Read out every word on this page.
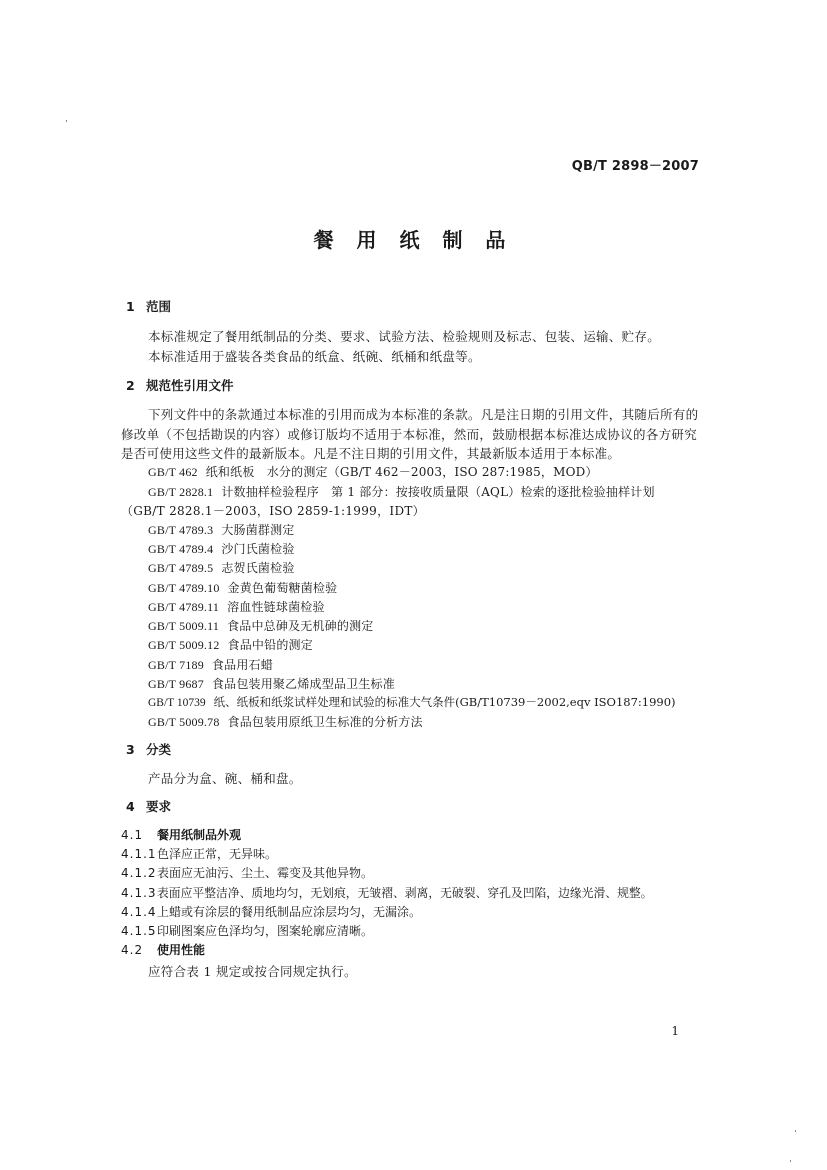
QB/T 2898－2007
餐 用 纸 制 品
1 范围
本标准规定了餐用纸制品的分类、要求、试验方法、检验规则及标志、包装、运输、贮存。
本标准适用于盛装各类食品的纸盒、纸碗、纸桶和纸盘等。
2 规范性引用文件
下列文件中的条款通过本标准的引用而成为本标准的条款。凡是注日期的引用文件，其随后所有的
修改单（不包括勘误的内容）或修订版均不适用于本标准，然而，鼓励根据本标准达成协议的各方研究
是否可使用这些文件的最新版本。凡是不注日期的引用文件，其最新版本适用于本标准。
GB/T 462 纸和纸板　水分的测定（GB/T 462－2003，ISO 287:1985，MOD）
GB/T 2828.1 计数抽样检验程序　第 1 部分：按接收质量限（AQL）检索的逐批检验抽样计划
（GB/T 2828.1－2003，ISO 2859-1:1999，IDT）
GB/T 4789.3 大肠菌群测定
GB/T 4789.4 沙门氏菌检验
GB/T 4789.5 志贺氏菌检验
GB/T 4789.10 金黄色葡萄糖菌检验
GB/T 4789.11 溶血性链球菌检验
GB/T 5009.11 食品中总砷及无机砷的测定
GB/T 5009.12 食品中铅的测定
GB/T 7189 食品用石蜡
GB/T 9687 食品包装用聚乙烯成型品卫生标准
GB/T 10739 纸、纸板和纸浆试样处理和试验的标准大气条件(GB/T10739－2002,eqv ISO187:1990)
GB/T 5009.78 食品包装用原纸卫生标准的分析方法
3 分类
产品分为盒、碗、桶和盘。
4 要求
4.1 餐用纸制品外观
4.1.1色泽应正常，无异味。
4.1.2表面应无油污、尘土、霉变及其他异物。
4.1.3表面应平整洁净、质地均匀，无划痕，无皱褶、剥离，无破裂、穿孔及凹陷，边缘光滑、规整。
4.1.4上蜡或有涂层的餐用纸制品应涂层均匀，无漏涂。
4.1.5印刷图案应色泽均匀，图案轮廓应清晰。
4.2 使用性能
应符合表 1 规定或按合同规定执行。
1
